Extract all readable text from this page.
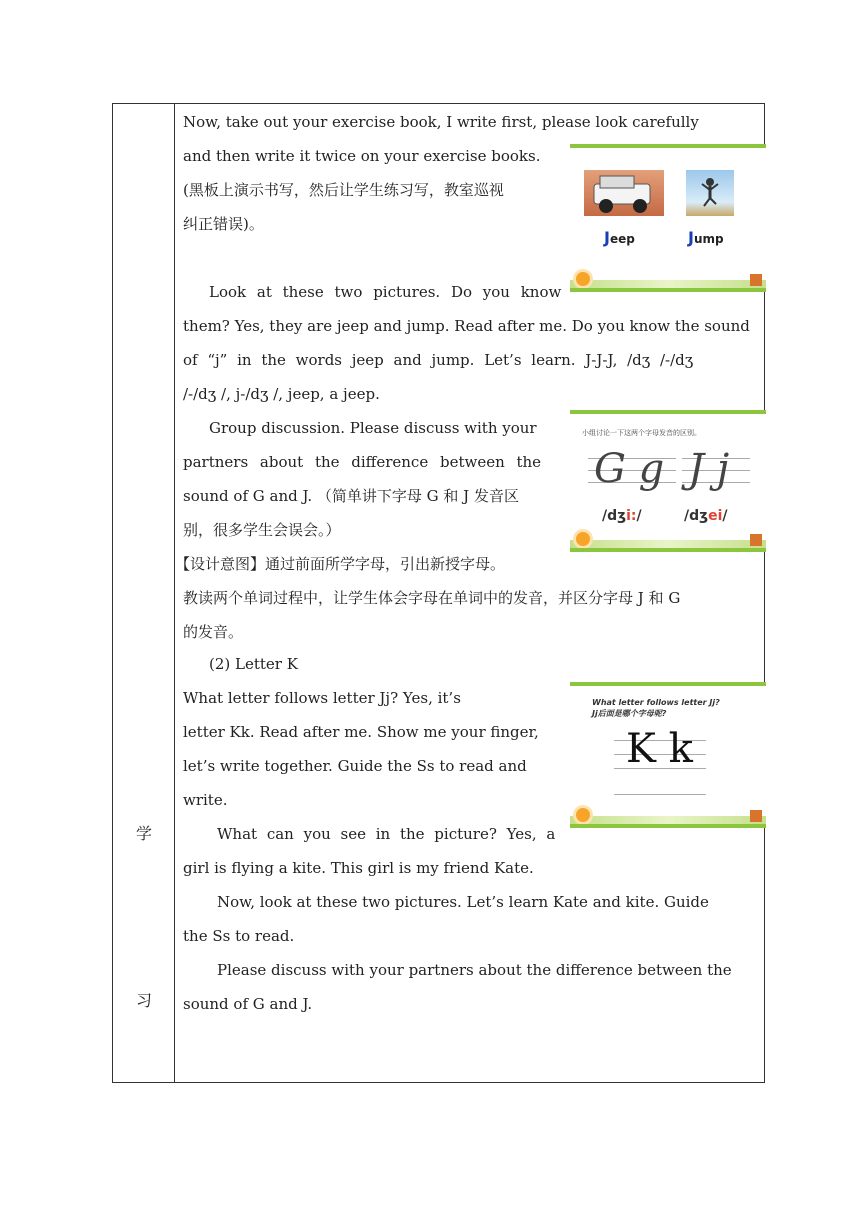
学
习
Now, take out your exercise book, I write first, please look carefully
and then write it twice on your exercise books.
(黑板上演示书写，然后让学生练习写，教室巡视
纠正错误)。
Look at these two pictures. Do you know
them? Yes, they are jeep and jump. Read after me. Do you know the sound
of “j” in the words jeep and jump. Let’s learn. J-J-J, /dʒ /-/dʒ
/-/dʒ /, j-/dʒ /, jeep, a jeep.
Group discussion. Please discuss with your
partners about the difference between the
sound of G and J. （简单讲下字母 G 和 J 发音区
别，很多学生会误会。）
【设计意图】通过前面所学字母，引出新授字母。
教读两个单词过程中，让学生体会字母在单词中的发音，并区分字母 J 和 G
的发音。
(2) Letter K
What letter follows letter Jj? Yes, it’s
letter Kk. Read after me. Show me your finger,
let’s write together. Guide the Ss to read and
write.
What can you see in the picture? Yes, a
girl is flying a kite. This girl is my friend Kate.
Now, look at these two pictures. Let’s learn Kate and kite. Guide
the Ss to read.
Please discuss with your partners about the difference between the
sound of G and J.
Jeep	Jump
小组讨论一下这两个字母发音的区别。
G g J j
/dʒi:/	/dʒei/
What letter follows letter Jj?
Jj后面是哪个字母呢?
K k
